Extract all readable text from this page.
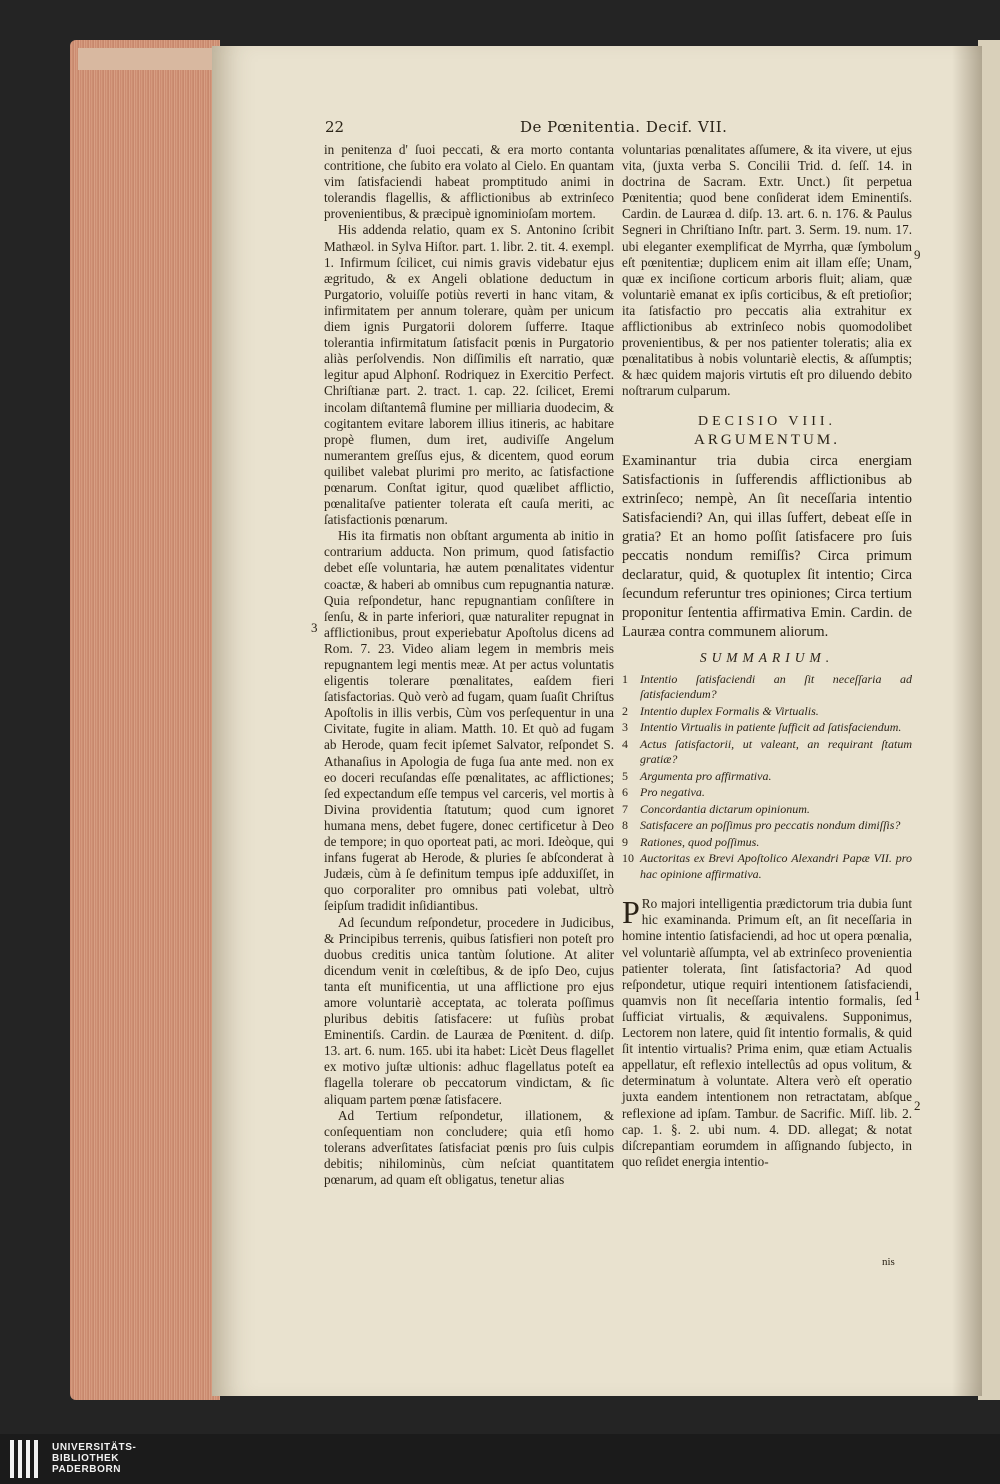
22	De Pœnitentia. Decif. VII.

in penitenza d' ſuoi peccati, & era morto contanta contritione, che ſubito era volato al Cielo. En quantam vim ſatisfaciendi habeat promptitudo animi in tolerandis flagellis, & afflictionibus ab extrinſeco provenientibus, & præcipuè ignominioſam mortem.

His addenda relatio, quam ex S. Antonino ſcribit Mathæol. in Sylva Hiſtor. part. 1. libr. 2. tit. 4. exempl. 1. Infirmum ſcilicet, cui nimis gravis videbatur ejus ægritudo, & ex Angeli oblatione deductum in Purgatorio, voluiſſe potiùs reverti in hanc vitam, & infirmitatem per annum tolerare, quàm per unicum diem ignis Purgatorii dolorem ſufferre. Itaque tolerantia infirmitatum ſatisfacit pœnis in Purgatorio aliàs perſolvendis. Non diſſimilis eſt narratio, quæ legitur apud Alphonſ. Rodriquez in Exercitio Perfect. Chriſtianæ part. 2. tract. 1. cap. 22. ſcilicet, Eremi incolam diſtantemâ flumine per milliaria duodecim, & cogitantem evitare laborem illius itineris, ac habitare propè flumen, dum iret, audiviſſe Angelum numerantem greſſus ejus, & dicentem, quod eorum quilibet valebat plurimi pro merito, ac ſatisfactione pœnarum. Conſtat igitur, quod quælibet afflictio, pœnalitaſve patienter tolerata eſt cauſa meriti, ac ſatisfactionis pœnarum.

His ita firmatis non obſtant argumenta ab initio in contrarium adducta. Non primum, quod ſatisfactio debet eſſe voluntaria, hæ autem pœnalitates videntur coactæ, & haberi ab omnibus cum repugnantia naturæ. Quia reſpondetur, hanc repugnantiam conſiſtere in ſenſu, & in parte inferiori, quæ naturaliter repugnat in afflictionibus, prout experiebatur Apoſtolus dicens ad Rom. 7. 23. Video aliam legem in membris meis repugnantem legi mentis meæ. At per actus voluntatis eligentis tolerare pœnalitates, eaſdem fieri ſatisfactorias. Quò verò ad fugam, quam ſuaſit Chriſtus Apoſtolis in illis verbis, Cùm vos perſequentur in una Civitate, fugite in aliam. Matth. 10. Et quò ad fugam ab Herode, quam fecit ipſemet Salvator, reſpondet S. Athanaſius in Apologia de fuga ſua ante med. non ex eo doceri recuſandas eſſe pœnalitates, ac afflictiones; ſed expectandum eſſe tempus vel carceris, vel mortis à Divina providentia ſtatutum; quod cum ignoret humana mens, debet fugere, donec certificetur à Deo de tempore; in quo oporteat pati, ac mori. Ideòque, qui infans fugerat ab Herode, & pluries ſe abſconderat à Judæis, cùm à ſe definitum tempus ipſe adduxiſſet, in quo corporaliter pro omnibus pati volebat, ultrò ſeipſum tradidit inſidiantibus.

Ad ſecundum reſpondetur, procedere in Judicibus, & Principibus terrenis, quibus ſatisfieri non poteſt pro duobus creditis unica tantùm ſolutione. At aliter dicendum venit in cœleſtibus, & de ipſo Deo, cujus tanta eſt munificentia, ut una afflictione pro ejus amore voluntariè acceptata, ac tolerata poſſimus pluribus debitis ſatisfacere: ut fuſiùs probat Eminentiſs. Cardin. de Lauræa de Pœnitent. d. diſp. 13. art. 6. num. 165. ubi ita habet: Licèt Deus flagellet ex motivo juſtæ ultionis: adhuc flagellatus poteſt ea flagella tolerare ob peccatorum vindictam, & ſic aliquam partem pœnæ ſatisfacere.

Ad Tertium reſpondetur, illationem, & conſequentiam non concludere; quia etſi homo tolerans adverſitates ſatisfaciat pœnis pro ſuis culpis debitis; nihilominùs, cùm neſciat quantitatem pœnarum, ad quam eſt obligatus, tenetur alias

voluntarias pœnalitates aſſumere, & ita vivere, ut ejus vita, (juxta verba S. Concilii Trid. d. ſeſſ. 14. in doctrina de Sacram. Extr. Unct.) ſit perpetua Pœnitentia; quod bene conſiderat idem Eminentiſs. Cardin. de Lauræa d. diſp. 13. art. 6. n. 176. & Paulus Segneri in Chriſtiano Inſtr. part. 3. Serm. 19. num. 17. ubi eleganter exemplificat de Myrrha, quæ ſymbolum eſt pœnitentiæ; duplicem enim ait illam eſſe; Unam, quæ ex inciſione corticum arboris fluit; aliam, quæ voluntariè emanat ex ipſis corticibus, & eſt pretioſior; ita ſatisfactio pro peccatis alia extrahitur ex afflictionibus ab extrinſeco nobis quomodolibet provenientibus, & per nos patienter toleratis; alia ex pœnalitatibus à nobis voluntariè electis, & aſſumptis; & hæc quidem majoris virtutis eſt pro diluendo debito noſtrarum culparum.

DECISIO VIII.
ARGUMENTUM.

Examinantur tria dubia circa energiam Satisfactionis in ſufferendis afflictionibus ab extrinſeco; nempè, An ſit neceſſaria intentio Satisfaciendi? An, qui illas ſuffert, debeat eſſe in gratia? Et an homo poſſit ſatisfacere pro ſuis peccatis nondum remiſſis? Circa primum declaratur, quid, & quotuplex ſit intentio; Circa ſecundum referuntur tres opiniones; Circa tertium proponitur ſententia affirmativa Emin. Cardin. de Lauræa contra communem aliorum.

SUMMARIUM.
1	Intentio ſatisfaciendi an ſit neceſſaria ad ſatisfaciendum?
2	Intentio duplex Formalis & Virtualis.
3	Intentio Virtualis in patiente ſufficit ad ſatisfaciendum.
4	Actus ſatisfactorii, ut valeant, an requirant ſtatum gratiæ?
5	Argumenta pro affirmativa.
6	Pro negativa.
7	Concordantia dictarum opinionum.
8	Satisfacere an poſſimus pro peccatis nondum dimiſſis?
9	Rationes, quod poſſimus.
10 Auctoritas ex Brevi Apoſtolico Alexandri Papæ VII. pro hac opinione affirmativa.

P Ro majori intelligentia prædictorum tria dubia ſunt hic examinanda. Primum eſt, an ſit neceſſaria in homine intentio ſatisfaciendi, ad hoc ut opera pœnalia, vel voluntariè aſſumpta, vel ab extrinſeco provenientia patienter tolerata, ſint ſatisfactoria? Ad quod reſpondetur, utique requiri intentionem ſatisfaciendi, quamvis non ſit neceſſaria intentio formalis, ſed ſufficiat virtualis, & æquivalens. Supponimus, Lectorem non latere, quid ſit intentio formalis, & quid ſit intentio virtualis? Prima enim, quæ etiam Actualis appellatur, eſt reflexio intellectûs ad opus volitum, & determinatum à voluntate. Altera verò eſt operatio juxta eandem intentionem non retractatam, abſque reflexione ad ipſam. Tambur. de Sacrific. Miſſ. lib. 2. cap. 1. §. 2. ubi num. 4. DD. allegat; & notat diſcrepantiam eorumdem in aſſignando ſubjecto, in quo reſidet energia intentio-

3
9
1
2
nis
UNIVERSITÄTS-
BIBLIOTHEK
PADERBORN
